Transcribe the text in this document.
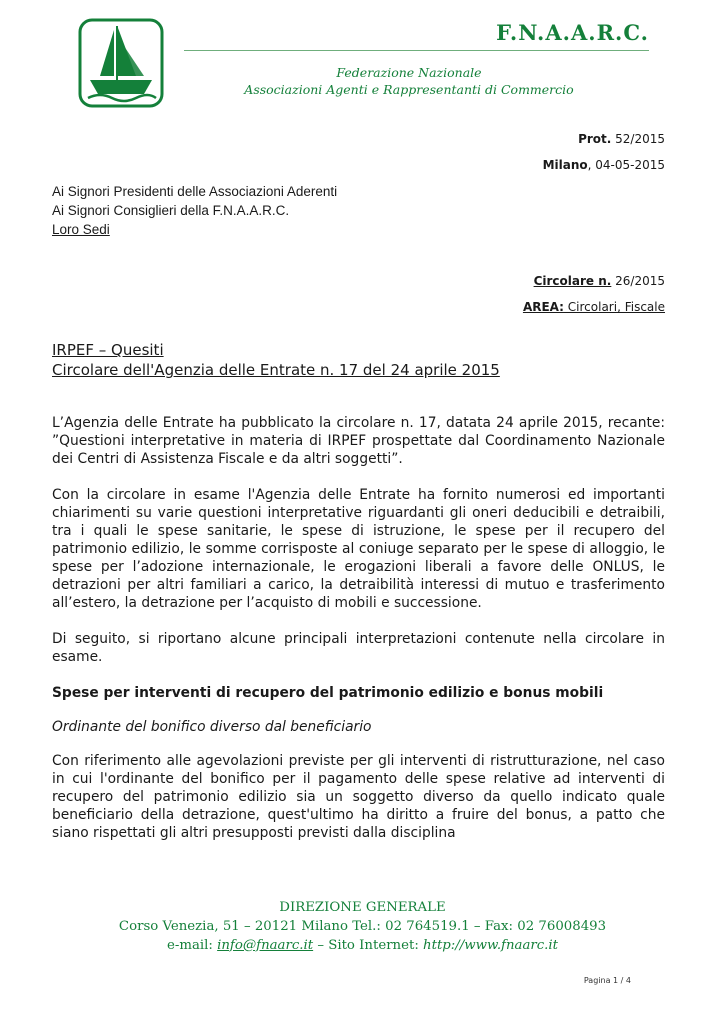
F.N.A.A.R.C.
Federazione Nazionale
Associazioni Agenti e Rappresentanti di Commercio
Prot. 52/2015
Milano, 04-05-2015
Ai Signori Presidenti delle Associazioni Aderenti
Ai Signori Consiglieri della F.N.A.A.R.C.
Loro Sedi
Circolare n. 26/2015
AREA: Circolari, Fiscale
IRPEF – Quesiti
Circolare dell'Agenzia delle Entrate n. 17 del 24 aprile 2015

L’Agenzia delle Entrate ha pubblicato la circolare n. 17, datata 24 aprile 2015, recante: ”Questioni interpretative in materia di IRPEF prospettate dal Coordinamento Nazionale dei Centri di Assistenza Fiscale e da altri soggetti”.

Con la circolare in esame l'Agenzia delle Entrate ha fornito numerosi ed importanti chiarimenti su varie questioni interpretative riguardanti gli oneri deducibili e detraibili, tra i quali le spese sanitarie, le spese di istruzione, le spese per il recupero del patrimonio edilizio, le somme corrisposte al coniuge separato per le spese di alloggio, le spese per l’adozione internazionale, le erogazioni liberali a favore delle ONLUS, le detrazioni per altri familiari a carico, la detraibilità interessi di mutuo e trasferimento all’estero, la detrazione per l’acquisto di mobili e successione.

Di seguito, si riportano alcune principali interpretazioni contenute nella circolare in esame.

Spese per interventi di recupero del patrimonio edilizio e bonus mobili
Ordinante del bonifico diverso dal beneficiario

Con riferimento alle agevolazioni previste per gli interventi di ristrutturazione, nel caso in cui l'ordinante del bonifico per il pagamento delle spese relative ad interventi di recupero del patrimonio edilizio sia un soggetto diverso da quello indicato quale beneficiario della detrazione, quest'ultimo ha diritto a fruire del bonus, a patto che siano rispettati gli altri presupposti previsti dalla disciplina

DIREZIONE GENERALE
Corso Venezia, 51 – 20121 Milano Tel.: 02 764519.1 – Fax: 02 76008493
e-mail: info@fnaarc.it – Sito Internet: http://www.fnaarc.it
Pagina 1 / 4
